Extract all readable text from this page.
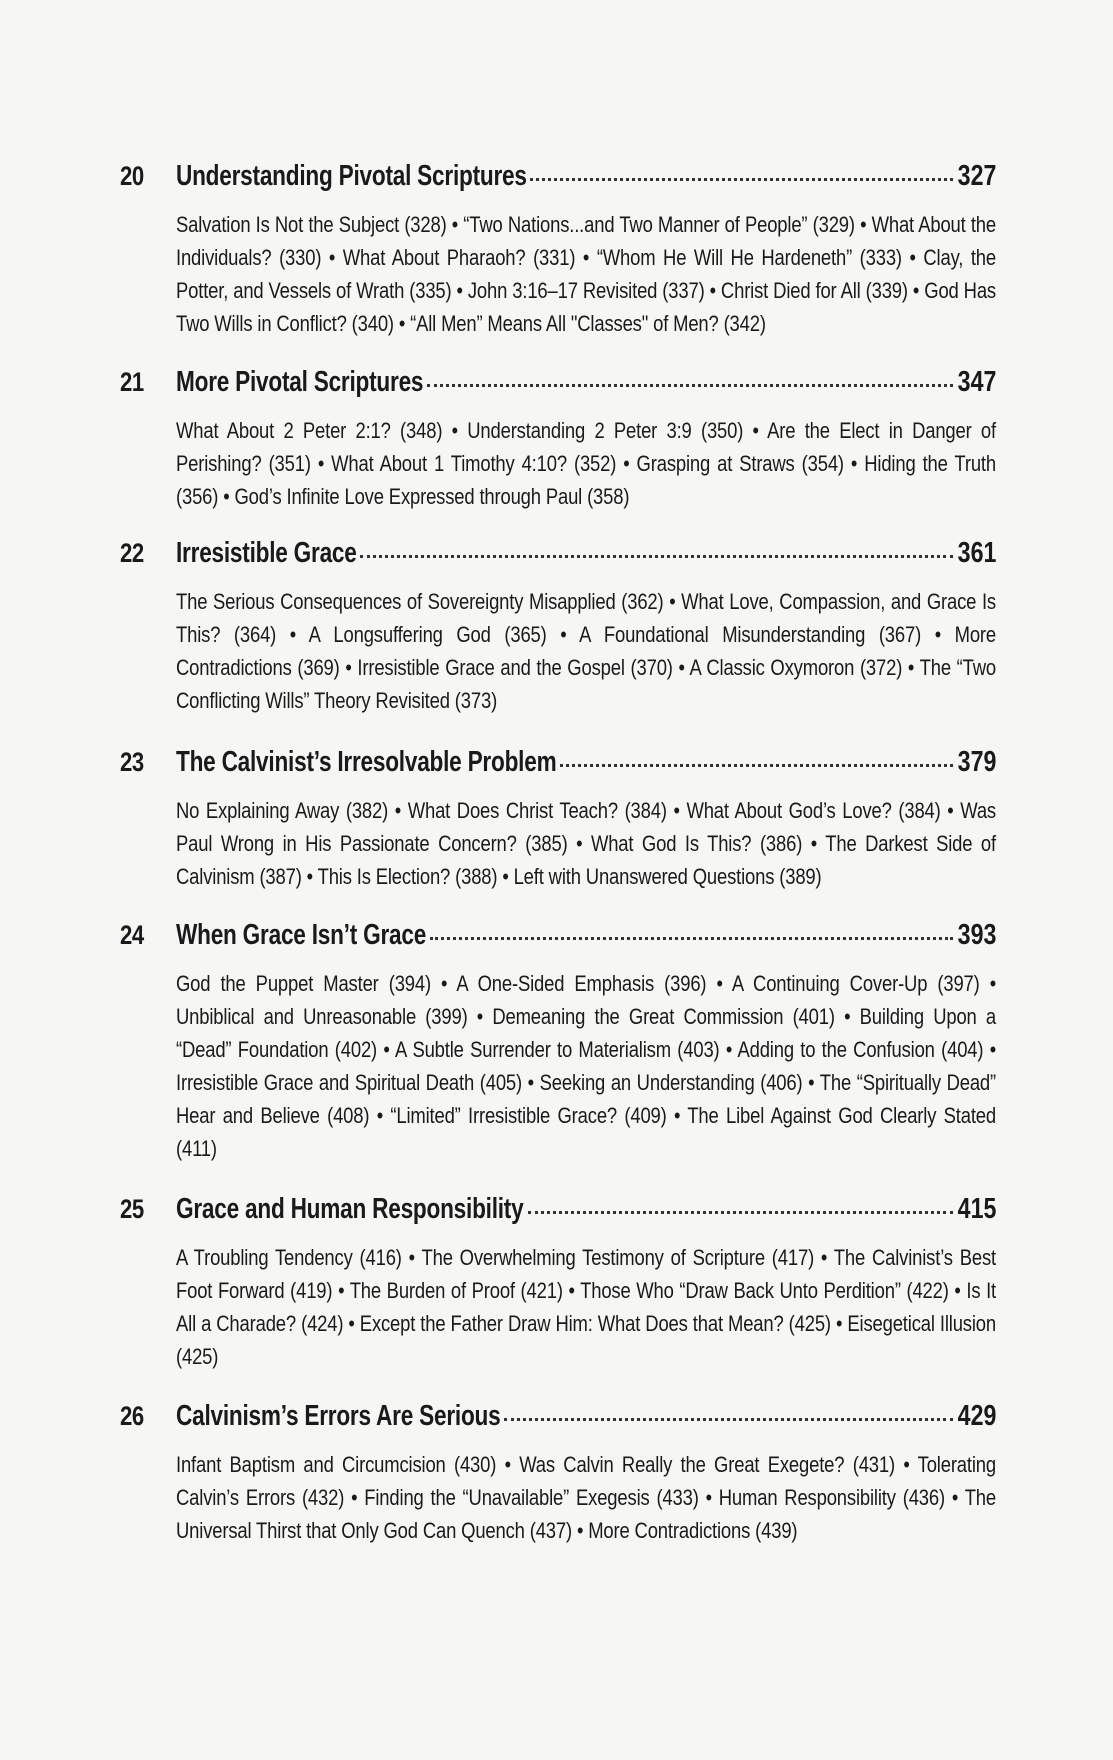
20	Understanding Pivotal Scriptures	327
Salvation Is Not the Subject (328) • “Two Nations...and Two Manner of People” (329) • What About the Individuals? (330) • What About Pharaoh? (331) • “Whom He Will He Hardeneth” (333) • Clay, the Potter, and Vessels of Wrath (335) • John 3:16–17 Revisited (337) • Christ Died for All (339) • God Has Two Wills in Conflict? (340) • “All Men” Means All "Classes" of Men? (342)
21	More Pivotal Scriptures	347
What About 2 Peter 2:1? (348) • Understanding 2 Peter 3:9 (350) • Are the Elect in Danger of Perishing? (351) • What About 1 Timothy 4:10? (352) • Grasping at Straws (354) • Hiding the Truth (356) • God’s Infinite Love Expressed through Paul (358)
22	Irresistible Grace	361
The Serious Consequences of Sovereignty Misapplied (362) • What Love, Compassion, and Grace Is This? (364) • A Longsuffering God (365) • A Foundational Misunderstanding (367) • More Contradictions (369) • Irresistible Grace and the Gospel (370) • A Classic Oxymoron (372) • The “Two Conflicting Wills” Theory Revisited (373)
23	The Calvinist’s Irresolvable Problem	379
No Explaining Away (382) • What Does Christ Teach? (384) • What About God’s Love? (384) • Was Paul Wrong in His Passionate Concern? (385) • What God Is This? (386) • The Darkest Side of Calvinism (387) • This Is Election? (388) • Left with Unanswered Questions (389)
24	When Grace Isn’t Grace	393
God the Puppet Master (394) • A One-Sided Emphasis (396) • A Continuing Cover-Up (397) • Unbiblical and Unreasonable (399) • Demeaning the Great Commission (401) • Building Upon a “Dead” Foundation (402) • A Subtle Surrender to Materialism (403) • Adding to the Confusion (404) • Irresistible Grace and Spiritual Death (405) • Seeking an Understanding (406) • The “Spiritually Dead” Hear and Believe (408) • “Limited” Irresistible Grace? (409) • The Libel Against God Clearly Stated (411)
25	Grace and Human Responsibility	415
A Troubling Tendency (416) • The Overwhelming Testimony of Scripture (417) • The Calvinist’s Best Foot Forward (419) • The Burden of Proof (421) • Those Who “Draw Back Unto Perdition” (422) • Is It All a Charade? (424) • Except the Father Draw Him: What Does that Mean? (425) • Eisegetical Illusion (425)
26	Calvinism’s Errors Are Serious	429
Infant Baptism and Circumcision (430) • Was Calvin Really the Great Exegete? (431) • Tolerating Calvin’s Errors (432) • Finding the “Unavailable” Exegesis (433) • Human Responsibility (436) • The Universal Thirst that Only God Can Quench (437) • More Contradictions (439)
